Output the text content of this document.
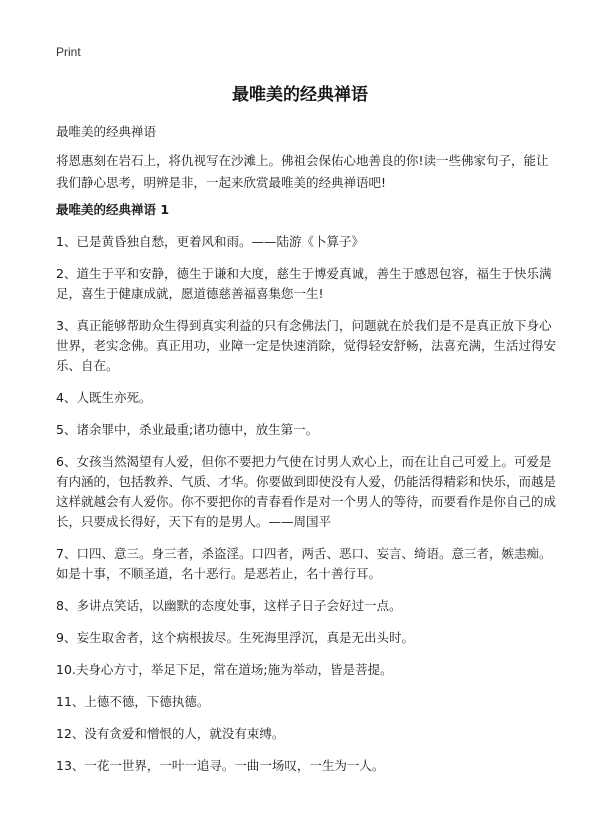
Print
最唯美的经典禅语

最唯美的经典禅语

将恩惠刻在岩石上，将仇视写在沙滩上。佛祖会保佑心地善良的你!读一些佛家句子，能让我们静心思考，明辨是非，一起来欣赏最唯美的经典禅语吧!

最唯美的经典禅语 1
1、已是黄昏独自愁，更着风和雨。——陆游《卜算子》
2、道生于平和安静，德生于谦和大度，慈生于博爱真诚，善生于感恩包容，福生于快乐满足，喜生于健康成就，愿道德慈善福喜集您一生!
3、真正能够帮助众生得到真实利益的只有念佛法门，问题就在於我们是不是真正放下身心世界，老实念佛。真正用功，业障一定是快速消除，觉得轻安舒畅，法喜充满，生活过得安乐、自在。
4、人既生亦死。
5、诸余罪中，杀业最重;诸功德中，放生第一。
6、女孩当然渴望有人爱，但你不要把力气使在讨男人欢心上，而在让自己可爱上。可爱是有内涵的，包括教养、气质、才华。你要做到即使没有人爱，仍能活得精彩和快乐，而越是这样就越会有人爱你。你不要把你的青春看作是对一个男人的等待，而要看作是你自己的成长，只要成长得好，天下有的是男人。——周国平
7、口四、意三。身三者，杀盗淫。口四者，两舌、恶口、妄言、绮语。意三者，嫉恚痴。如是十事，不顺圣道，名十恶行。是恶若止，名十善行耳。
8、多讲点笑话，以幽默的态度处事，这样子日子会好过一点。
9、妄生取舍者，这个病根拔尽。生死海里浮沉，真是无出头时。
10.夫身心方寸，举足下足，常在道场;施为举动，皆是菩提。
11、上德不德，下德执德。
12、没有贪爱和憎恨的人，就没有束缚。
13、一花一世界，一叶一追寻。一曲一场叹，一生为一人。
